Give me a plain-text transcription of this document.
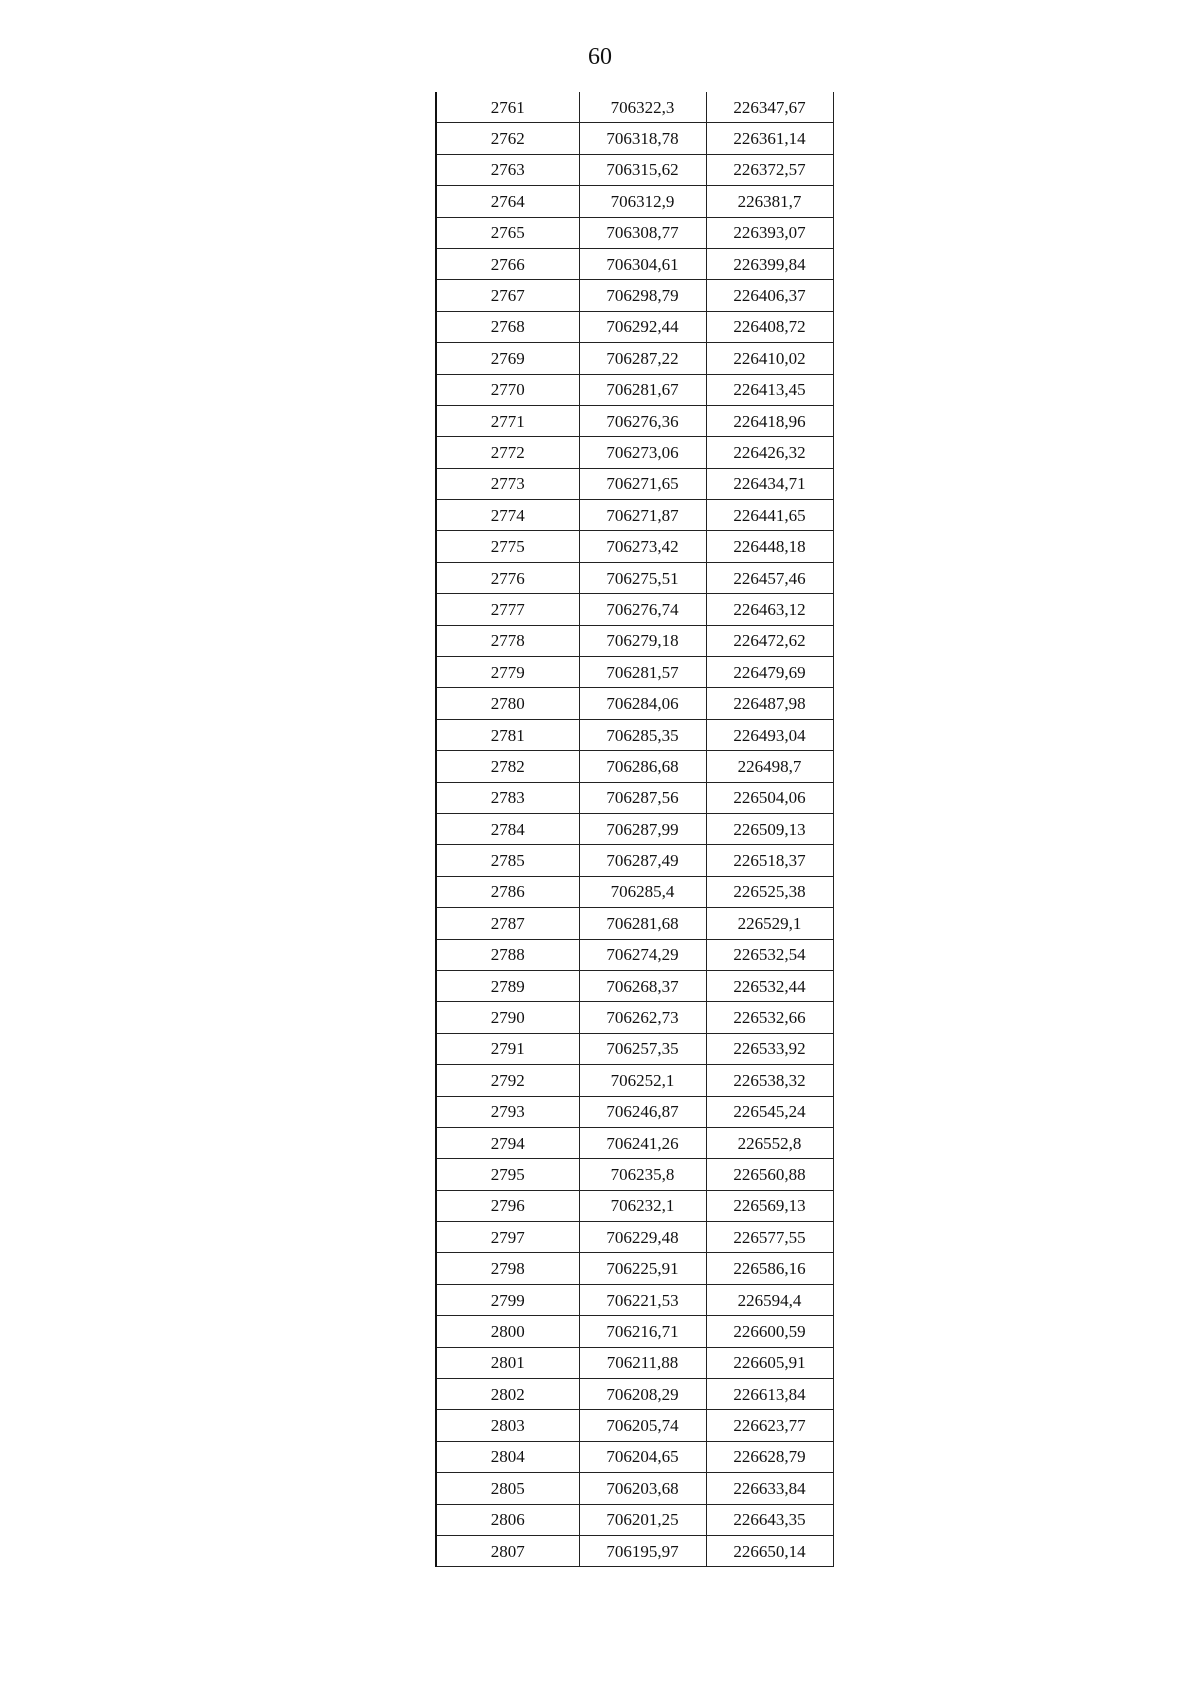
60
2761	706322,3	226347,67
2762	706318,78	226361,14
2763	706315,62	226372,57
2764	706312,9	226381,7
2765	706308,77	226393,07
2766	706304,61	226399,84
2767	706298,79	226406,37
2768	706292,44	226408,72
2769	706287,22	226410,02
2770	706281,67	226413,45
2771	706276,36	226418,96
2772	706273,06	226426,32
2773	706271,65	226434,71
2774	706271,87	226441,65
2775	706273,42	226448,18
2776	706275,51	226457,46
2777	706276,74	226463,12
2778	706279,18	226472,62
2779	706281,57	226479,69
2780	706284,06	226487,98
2781	706285,35	226493,04
2782	706286,68	226498,7
2783	706287,56	226504,06
2784	706287,99	226509,13
2785	706287,49	226518,37
2786	706285,4	226525,38
2787	706281,68	226529,1
2788	706274,29	226532,54
2789	706268,37	226532,44
2790	706262,73	226532,66
2791	706257,35	226533,92
2792	706252,1	226538,32
2793	706246,87	226545,24
2794	706241,26	226552,8
2795	706235,8	226560,88
2796	706232,1	226569,13
2797	706229,48	226577,55
2798	706225,91	226586,16
2799	706221,53	226594,4
2800	706216,71	226600,59
2801	706211,88	226605,91
2802	706208,29	226613,84
2803	706205,74	226623,77
2804	706204,65	226628,79
2805	706203,68	226633,84
2806	706201,25	226643,35
2807	706195,97	226650,14
